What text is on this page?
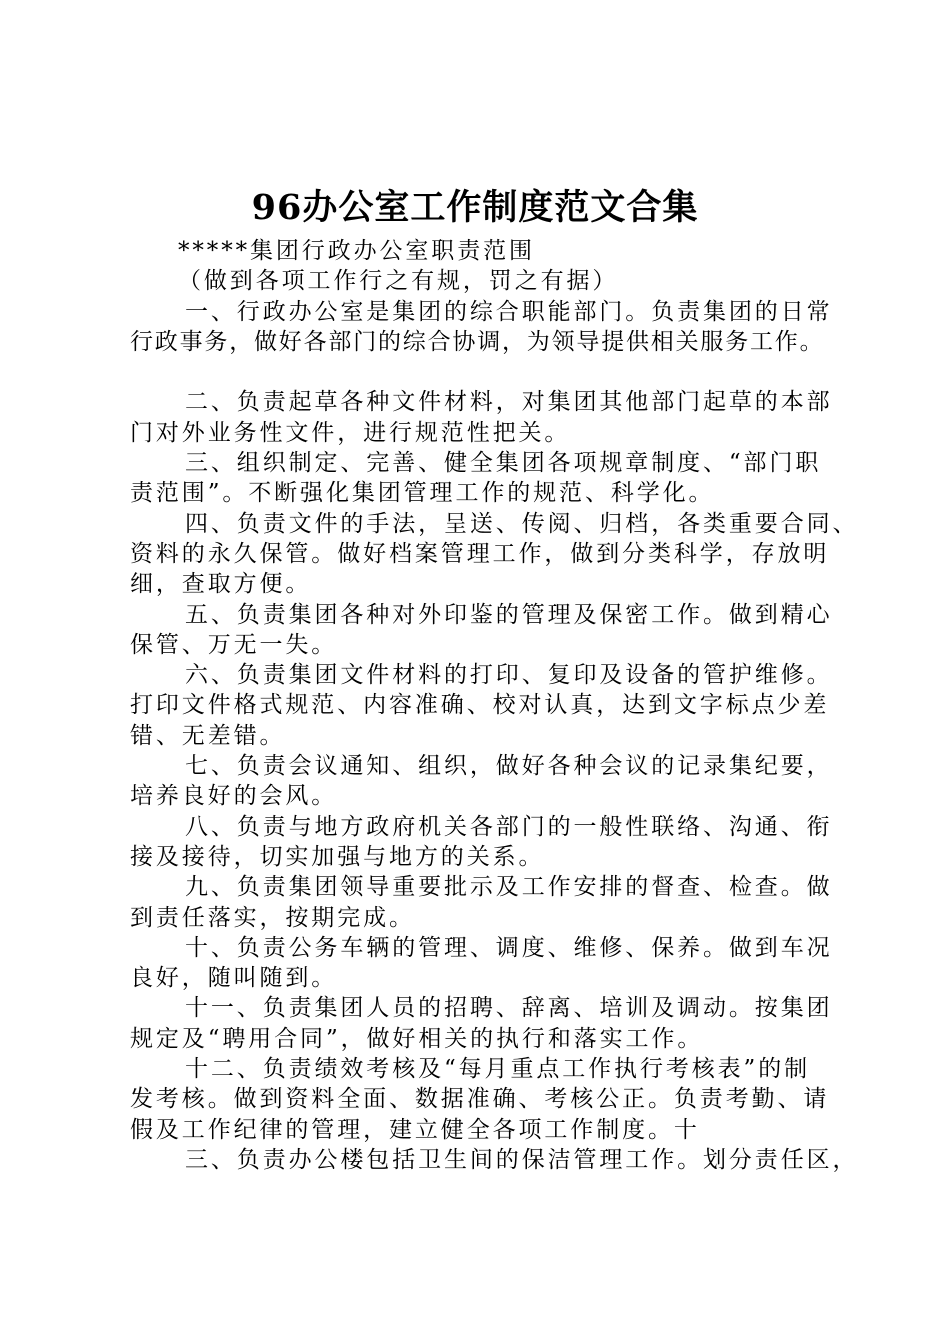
96办公室工作制度范文合集
*****集团行政办公室职责范围
（做到各项工作行之有规，罚之有据）
一、行政办公室是集团的综合职能部门。负责集团的日常
行政事务，做好各部门的综合协调，为领导提供相关服务工作。
二、负责起草各种文件材料，对集团其他部门起草的本部
门对外业务性文件，进行规范性把关。
三、组织制定、完善、健全集团各项规章制度、“部门职
责范围”。不断强化集团管理工作的规范、科学化。
四、负责文件的手法，呈送、传阅、归档，各类重要合同、
资料的永久保管。做好档案管理工作，做到分类科学，存放明
细，查取方便。
五、负责集团各种对外印鉴的管理及保密工作。做到精心
保管、万无一失。
六、负责集团文件材料的打印、复印及设备的管护维修。
打印文件格式规范、内容准确、校对认真，达到文字标点少差
错、无差错。
七、负责会议通知、组织，做好各种会议的记录集纪要，
培养良好的会风。
八、负责与地方政府机关各部门的一般性联络、沟通、衔
接及接待，切实加强与地方的关系。
九、负责集团领导重要批示及工作安排的督查、检查。做
到责任落实，按期完成。
十、负责公务车辆的管理、调度、维修、保养。做到车况
良好，随叫随到。
十一、负责集团人员的招聘、辞离、培训及调动。按集团
规定及“聘用合同”，做好相关的执行和落实工作。
十二、负责绩效考核及“每月重点工作执行考核表”的制
发考核。做到资料全面、数据准确、考核公正。负责考勤、请
假及工作纪律的管理，建立健全各项工作制度。十
三、负责办公楼包括卫生间的保洁管理工作。划分责任区，
